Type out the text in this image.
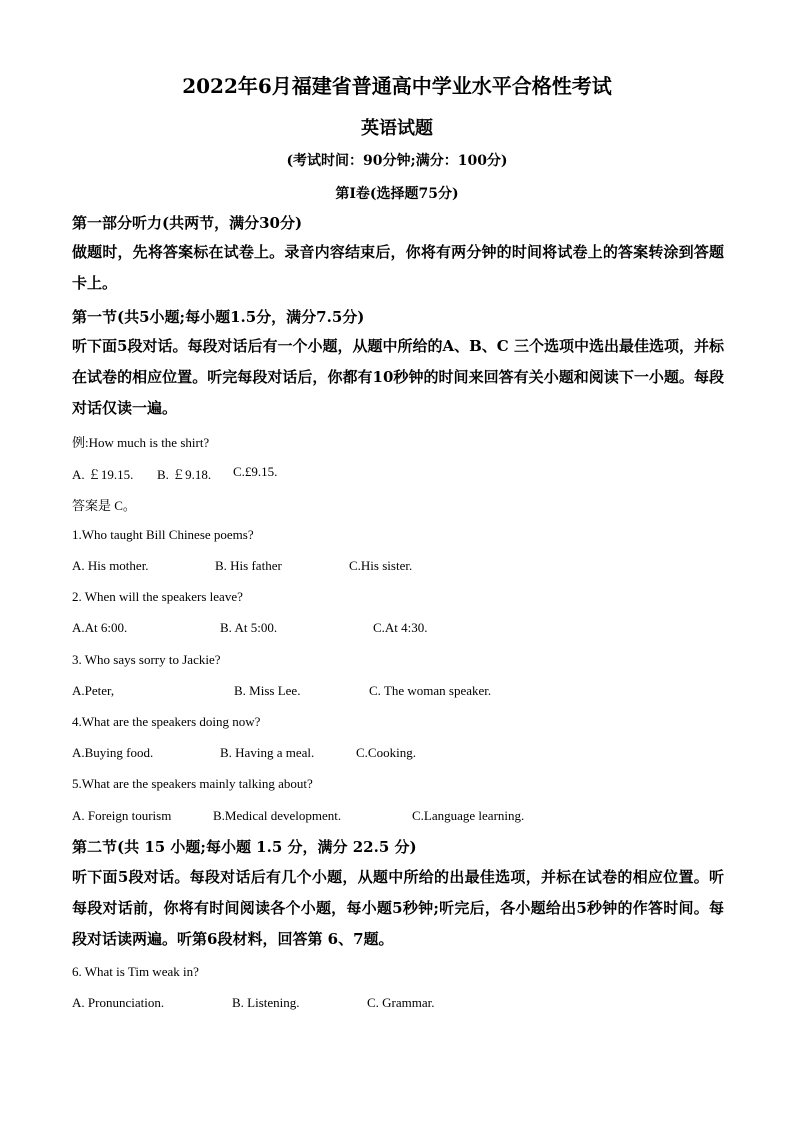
2022年6月福建省普通高中学业水平合格性考试
英语试题
(考试时间：90分钟;满分：100分)
第I卷(选择题75分)
第一部分听力(共两节，满分30分)
做题时，先将答案标在试卷上。录音内容结束后，你将有两分钟的时间将试卷上的答案转涂到答题卡上。
第一节(共5小题;每小题1.5分，满分7.5分)
听下面5段对话。每段对话后有一个小题，从题中所给的A、B、C 三个选项中选出最佳选项，并标在试卷的相应位置。听完每段对话后，你都有10秒钟的时间来回答有关小题和阅读下一小题。每段对话仅读一遍。
例:How much is the shirt?
A. ￡19.15. B. ￡9.18. C.£9.15.
答案是 C。
1.Who taught Bill Chinese poems?
A. His mother.	B. His father	C.His sister.
2. When will the speakers leave?
A.At 6:00.	B. At 5:00.	C.At 4:30.
3. Who says sorry to Jackie?
A.Peter,	B. Miss Lee.	C. The woman speaker.
4.What are the speakers doing now?
A.Buying food.	B. Having a meal.	C.Cooking.
5.What are the speakers mainly talking about?
A. Foreign tourism	B.Medical development.	C.Language learning.
第二节(共 15 小题;每小题 1.5 分，满分 22.5 分)
听下面5段对话。每段对话后有几个小题，从题中所给的出最佳选项，并标在试卷的相应位置。听每段对话前，你将有时间阅读各个小题，每小题5秒钟;听完后，各小题给出5秒钟的作答时间。每段对话读两遍。听第6段材料，回答第 6、7题。
6. What is Tim weak in?
A. Pronunciation.	B. Listening.	C. Grammar.
